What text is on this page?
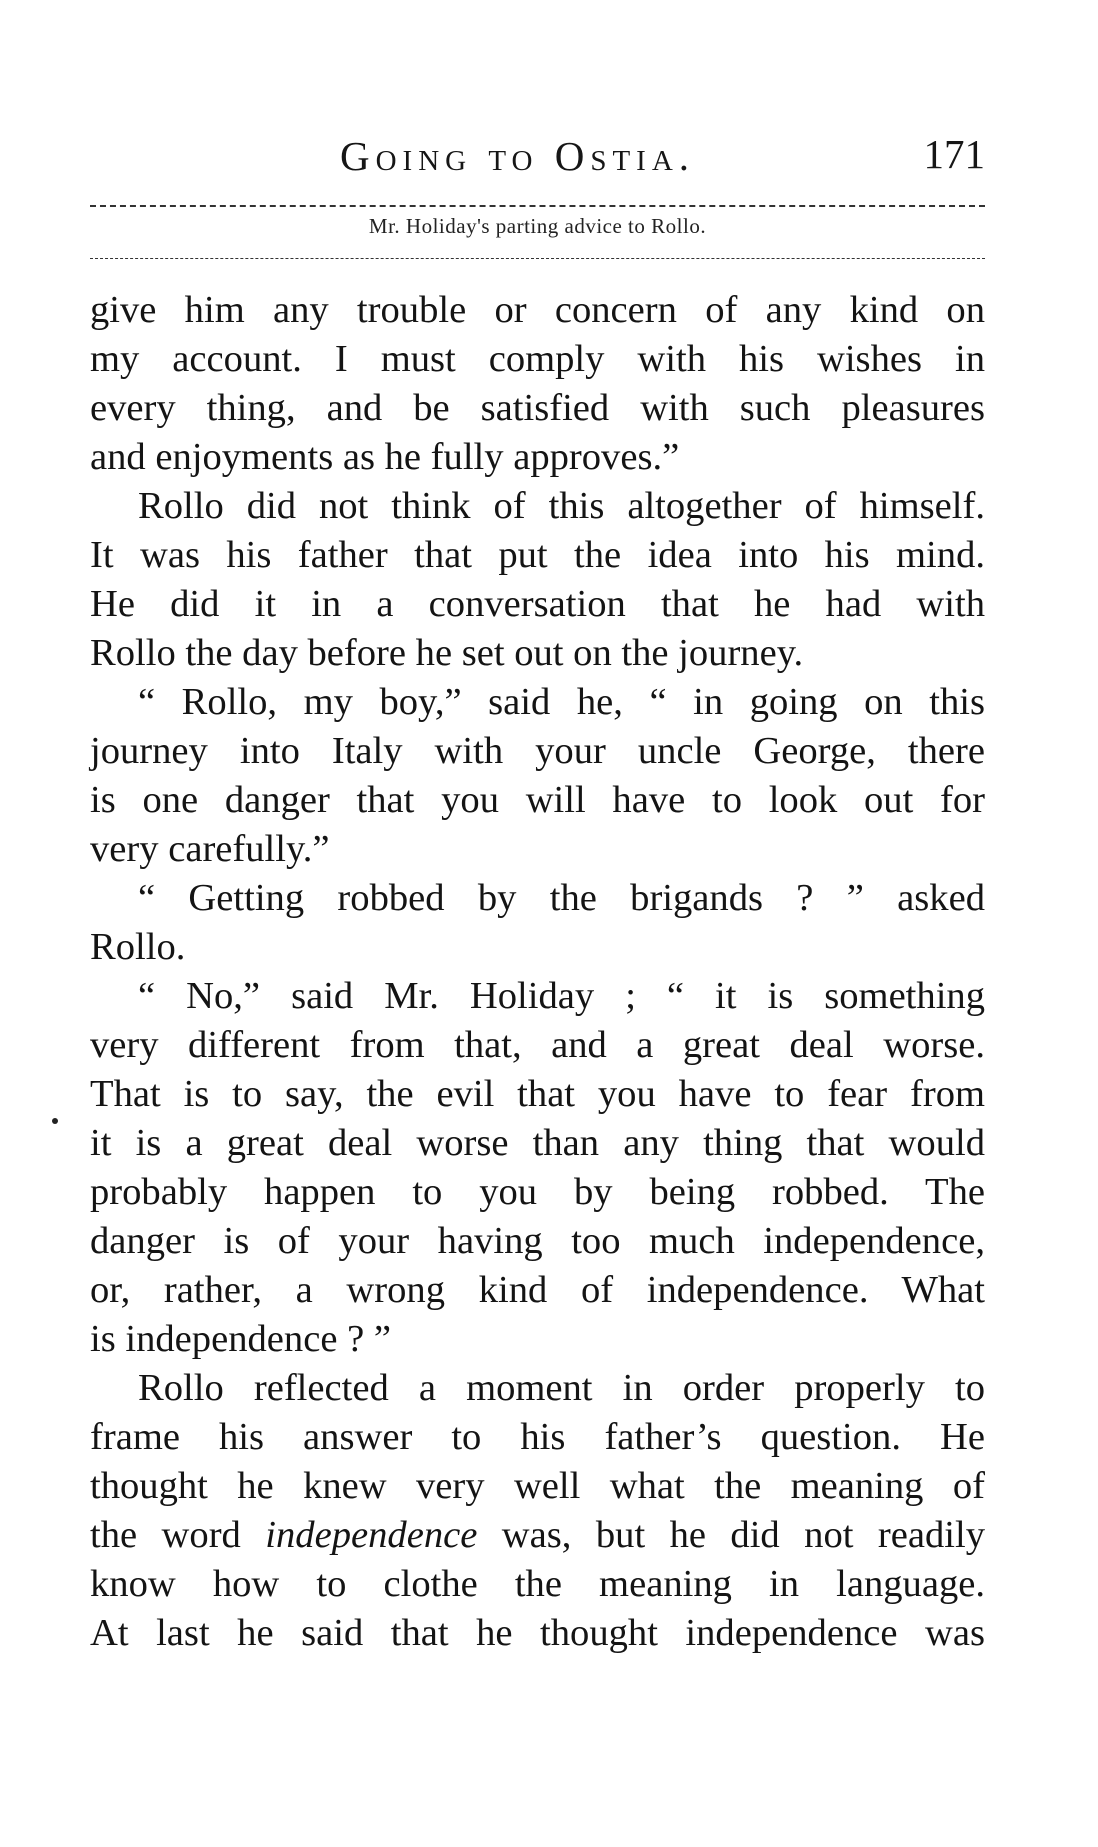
Going to Ostia.	171
Mr. Holiday's parting advice to Rollo.
give him any trouble or concern of any kind on
my account. I must comply with his wishes in
every thing, and be satisfied with such pleasures
and enjoyments as he fully approves.”
Rollo did not think of this altogether of himself.
It was his father that put the idea into his mind.
He did it in a conversation that he had with
Rollo the day before he set out on the journey.
“ Rollo, my boy,” said he, “ in going on this
journey into Italy with your uncle George, there
is one danger that you will have to look out for
very carefully.”
“ Getting robbed by the brigands ? ” asked
Rollo.
“ No,” said Mr. Holiday ; “ it is something
very different from that, and a great deal worse.
That is to say, the evil that you have to fear from
it is a great deal worse than any thing that would
probably happen to you by being robbed. The
danger is of your having too much independence,
or, rather, a wrong kind of independence. What
is independence ? ”
Rollo reflected a moment in order properly to
frame his answer to his father’s question. He
thought he knew very well what the meaning of
the word independence was, but he did not readily
know how to clothe the meaning in language.
At last he said that he thought independence was
